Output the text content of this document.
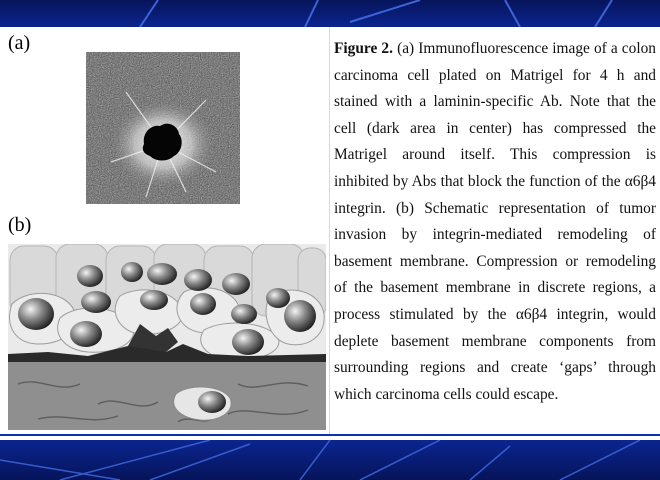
(a)
(b)
Figure 2. (a) Immunofluorescence image of a colon carcinoma cell plated on Matrigel for 4 h and stained with a laminin-specific Ab. Note that the cell (dark area in center) has compressed the Matrigel around itself. This compression is inhibited by Abs that block the function of the α6β4 integrin. (b) Schematic representation of tumor invasion by integrin-mediated remodeling of basement membrane. Compression or remodeling of the basement membrane in discrete regions, a process stimulated by the α6β4 integrin, would deplete basement membrane components from surrounding regions and create ‘gaps’ through which carcinoma cells could escape.
